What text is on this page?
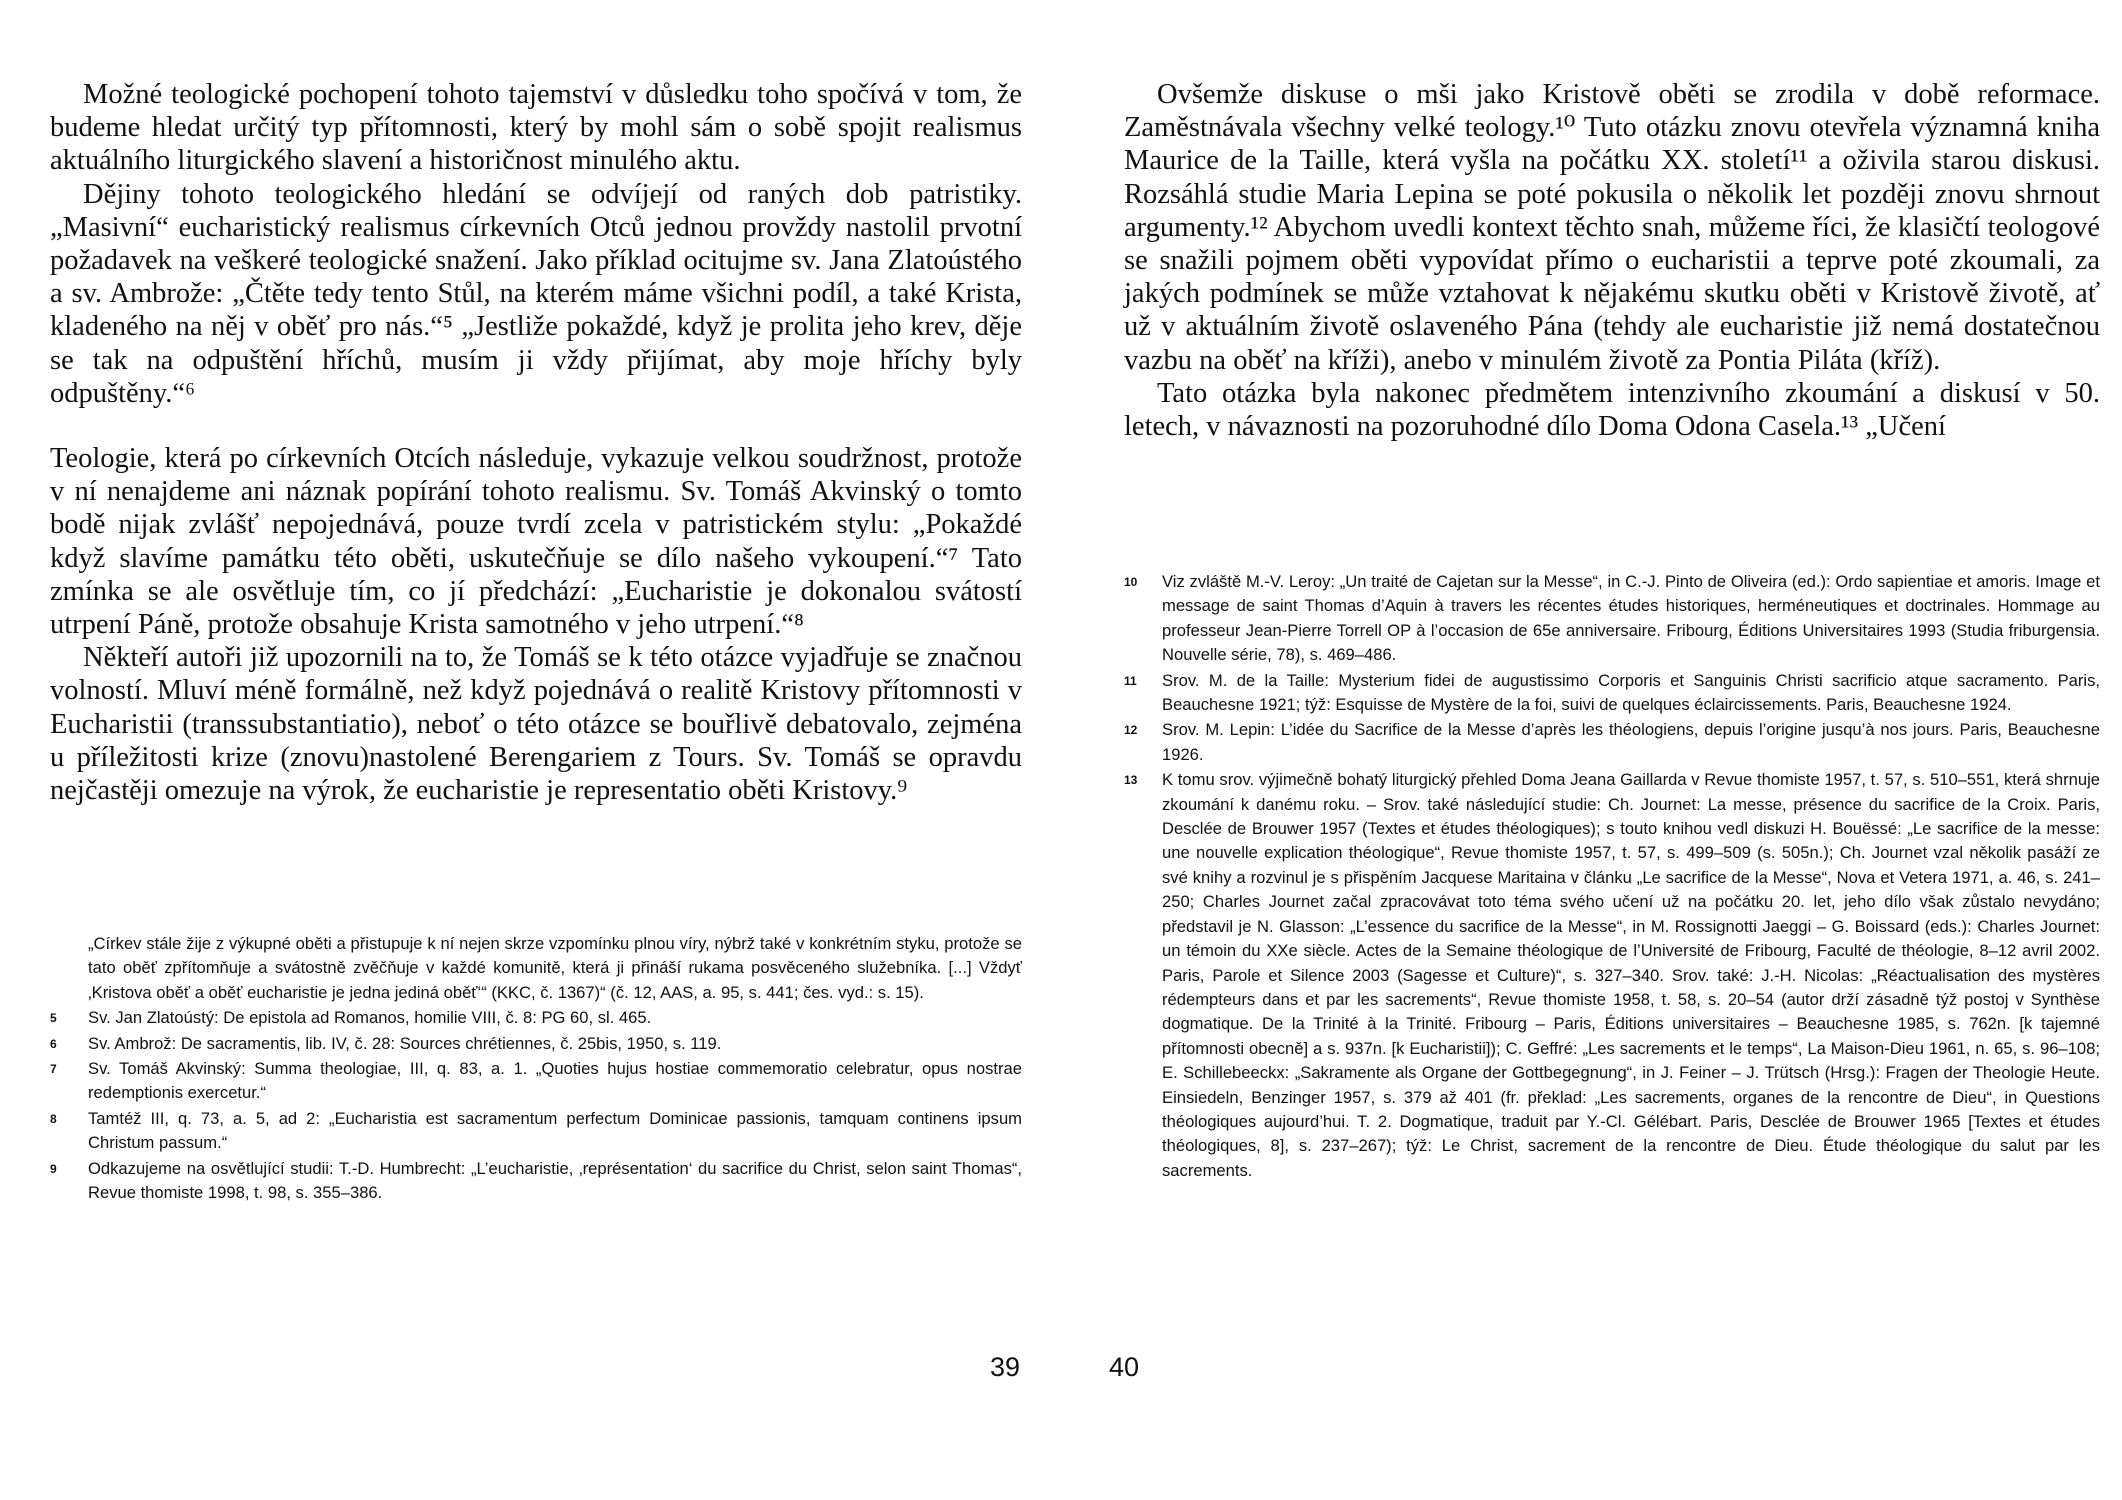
Možné teologické pochopení tohoto tajemství v důsledku toho spočívá v tom, že budeme hledat určitý typ přítomnosti, který by mohl sám o sobě spojit realismus aktuálního liturgického slavení a historičnost minulého aktu.

Dějiny tohoto teologického hledání se odvíjejí od raných dob patristiky. „Masivní“ eucharistický realismus církevních Otců jednou provždy nastolil prvotní požadavek na veškeré teologické snažení. Jako příklad ocitujme sv. Jana Zlatoústého a sv. Ambrože: „Čtěte tedy tento Stůl, na kterém máme všichni podíl, a také Krista, kladeného na něj v oběť pro nás.“⁵ „Jestliže pokaždé, když je prolita jeho krev, děje se tak na odpuštění hříchů, musím ji vždy přijímat, aby moje hříchy byly odpuštěny.“⁶

Teologie, která po církevních Otcích následuje, vykazuje velkou soudržnost, protože v ní nenajdeme ani náznak popírání tohoto realismu. Sv. Tomáš Akvinský o tomto bodě nijak zvlášť nepojednává, pouze tvrdí zcela v patristickém stylu: „Pokaždé když slavíme památku této oběti, uskutečňuje se dílo našeho vykoupení.“⁷ Tato zmínka se ale osvětluje tím, co jí předchází: „Eucharistie je dokonalou svátostí utrpení Páně, protože obsahuje Krista samotného v jeho utrpení.“⁸

Někteří autoři již upozornili na to, že Tomáš se k této otázce vyjadřuje se značnou volností. Mluví méně formálně, než když pojednává o realitě Kristovy přítomnosti v Eucharistii (transsubstantiatio), neboť o této otázce se bouřlivě debatovalo, zejména u příležitosti krize (znovu)nastolené Berengariem z Tours. Sv. Tomáš se opravdu nejčastěji omezuje na výrok, že eucharistie je representatio oběti Kristovy.⁹

„Církev stále žije z výkupné oběti a přistupuje k ní nejen skrze vzpomínku plnou víry, nýbrž také v konkrétním styku, protože se tato oběť zpřítomňuje a svátostně zvěčňuje v každé komunitě, která ji přináší rukama posvěceného služebníka. [...] Vždyť ‚Kristova oběť a oběť eucharistie je jedna jediná oběť‘“ (KKC, č. 1367)“ (č. 12, AAS, a. 95, s. 441; čes. vyd.: s. 15).
5 Sv. Jan Zlatoústý: De epistola ad Romanos, homilie VIII, č. 8: PG 60, sl. 465.
6 Sv. Ambrož: De sacramentis, lib. IV, č. 28: Sources chrétiennes, č. 25bis, 1950, s. 119.
7 Sv. Tomáš Akvinský: Summa theologiae, III, q. 83, a. 1. „Quoties hujus hostiae commemoratio celebratur, opus nostrae redemptionis exercetur.“
8 Tamtéž III, q. 73, a. 5, ad 2: „Eucharistia est sacramentum perfectum Dominicae passionis, tamquam continens ipsum Christum passum.“
9 Odkazujeme na osvětlující studii: T.-D. Humbrecht: „L’eucharistie, ‚représentation‘ du sacrifice du Christ, selon saint Thomas“, Revue thomiste 1998, t. 98, s. 355–386.
39

Ovšemže diskuse o mši jako Kristově oběti se zrodila v době reformace. Zaměstnávala všechny velké teology.¹⁰ Tuto otázku znovu otevřela významná kniha Maurice de la Taille, která vyšla na počátku XX. století¹¹ a oživila starou diskusi. Rozsáhlá studie Maria Lepina se poté pokusila o několik let později znovu shrnout argumenty.¹² Abychom uvedli kontext těchto snah, můžeme říci, že klasičtí teologové se snažili pojmem oběti vypovídat přímo o eucharistii a teprve poté zkoumali, za jakých podmínek se může vztahovat k nějakému skutku oběti v Kristově životě, ať už v aktuálním životě oslaveného Pána (tehdy ale eucharistie již nemá dostatečnou vazbu na oběť na kříži), anebo v minulém životě za Pontia Piláta (kříž).

Tato otázka byla nakonec předmětem intenzivního zkoumání a diskusí v 50. letech, v návaznosti na pozoruhodné dílo Doma Odona Casela.¹³ „Učení

10 Viz zvláště M.-V. Leroy: „Un traité de Cajetan sur la Messe“, in C.-J. Pinto de Oliveira (ed.): Ordo sapientiae et amoris. Image et message de saint Thomas d’Aquin à travers les récentes études historiques, herméneutiques et doctrinales. Hommage au professeur Jean-Pierre Torrell OP à l’occasion de 65e anniversaire. Fribourg, Éditions Universitaires 1993 (Studia friburgensia. Nouvelle série, 78), s. 469–486.
11 Srov. M. de la Taille: Mysterium fidei de augustissimo Corporis et Sanguinis Christi sacrificio atque sacramento. Paris, Beauchesne 1921; týž: Esquisse de Mystère de la foi, suivi de quelques éclaircissements. Paris, Beauchesne 1924.
12 Srov. M. Lepin: L’idée du Sacrifice de la Messe d’après les théologiens, depuis l’origine jusqu’à nos jours. Paris, Beauchesne 1926.
13 K tomu srov. výjimečně bohatý liturgický přehled Doma Jeana Gaillarda v Revue thomiste 1957, t. 57, s. 510–551, která shrnuje zkoumání k danému roku. – Srov. také následující studie: Ch. Journet: La messe, présence du sacrifice de la Croix. Paris, Desclée de Brouwer 1957 (Textes et études théologiques); s touto knihou vedl diskuzi H. Bouëssé: „Le sacrifice de la messe: une nouvelle explication théologique“, Revue thomiste 1957, t. 57, s. 499–509 (s. 505n.); Ch. Journet vzal několik pasáží ze své knihy a rozvinul je s přispěním Jacquese Maritaina v článku „Le sacrifice de la Messe“, Nova et Vetera 1971, a. 46, s. 241–250; Charles Journet začal zpracovávat toto téma svého učení už na počátku 20. let, jeho dílo však zůstalo nevydáno; představil je N. Glasson: „L’essence du sacrifice de la Messe“, in M. Rossignotti Jaeggi – G. Boissard (eds.): Charles Journet: un témoin du XXe siècle. Actes de la Semaine théologique de l’Université de Fribourg, Faculté de théologie, 8–12 avril 2002. Paris, Parole et Silence 2003 (Sagesse et Culture)“, s. 327–340. Srov. také: J.-H. Nicolas: „Réactualisation des mystères rédempteurs dans et par les sacrements“, Revue thomiste 1958, t. 58, s. 20–54 (autor drží zásadně týž postoj v Synthèse dogmatique. De la Trinité à la Trinité. Fribourg – Paris, Éditions universitaires – Beauchesne 1985, s. 762n. [k tajemné přítomnosti obecně] a s. 937n. [k Eucharistii]); C. Geffré: „Les sacrements et le temps“, La Maison-Dieu 1961, n. 65, s. 96–108; E. Schillebeeckx: „Sakramente als Organe der Gottbegegnung“, in J. Feiner – J. Trütsch (Hrsg.): Fragen der Theologie Heute. Einsiedeln, Benzinger 1957, s. 379 až 401 (fr. překlad: „Les sacrements, organes de la rencontre de Dieu“, in Questions théologiques aujourd’hui. T. 2. Dogmatique, traduit par Y.-Cl. Gélébart. Paris, Desclée de Brouwer 1965 [Textes et études théologiques, 8], s. 237–267); týž: Le Christ, sacrement de la rencontre de Dieu. Étude théologique du salut par les sacrements.
40
